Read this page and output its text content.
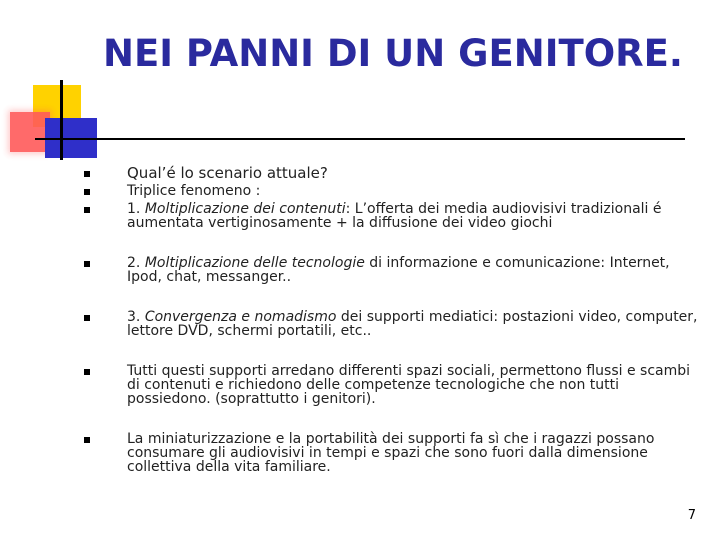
NEI PANNI DI UN GENITORE.
Qual’é lo scenario attuale?
Triplice fenomeno :
1. Moltiplicazione dei contenuti: L’offerta dei media audiovisivi tradizionali é aumentata vertiginosamente + la diffusione dei video giochi
2. Moltiplicazione delle tecnologie di informazione e comunicazione: Internet, Ipod, chat, messanger..
3. Convergenza e nomadismo dei supporti mediatici: postazioni video, computer, lettore DVD, schermi portatili, etc..
Tutti questi supporti arredano differenti spazi sociali, permettono flussi e scambi di contenuti e richiedono delle competenze tecnologiche che non tutti possiedono. (soprattutto i genitori).
La miniaturizzazione e la portabilità dei supporti fa sì che i ragazzi possano consumare gli audiovisivi in tempi e spazi che sono fuori dalla dimensione collettiva della vita familiare.
7
